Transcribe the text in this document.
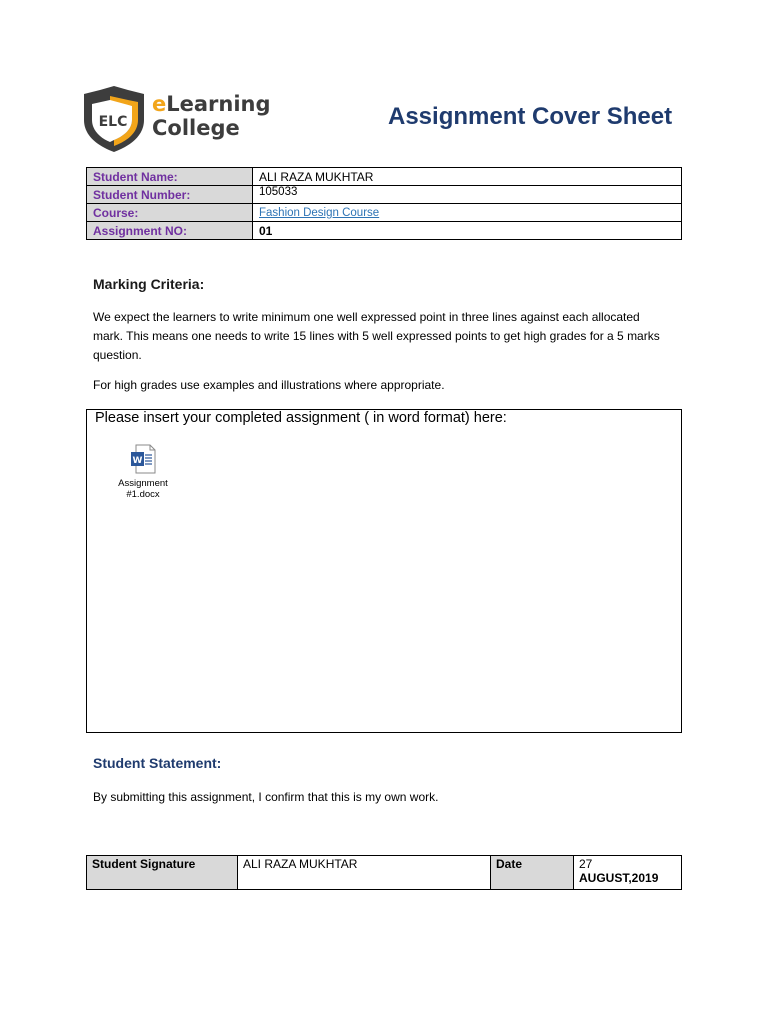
ELC
eLearning
College	Assignment Cover Sheet
Student Name:	ALI RAZA MUKHTAR
Student Number:	105033
Course:	Fashion Design Course
Assignment NO:	01
Marking Criteria:
We expect the learners to write minimum one well expressed point in three lines against each allocated mark. This means one needs to write 15 lines with 5 well expressed points to get high grades for a 5 marks question.
For high grades use examples and illustrations where appropriate.
Please insert your completed assignment ( in word format) here:
W
Assignment
#1.docx
Student Statement:
By submitting this assignment, I confirm that this is my own work.
Student Signature	ALI RAZA MUKHTAR	Date	27
AUGUST,2019
